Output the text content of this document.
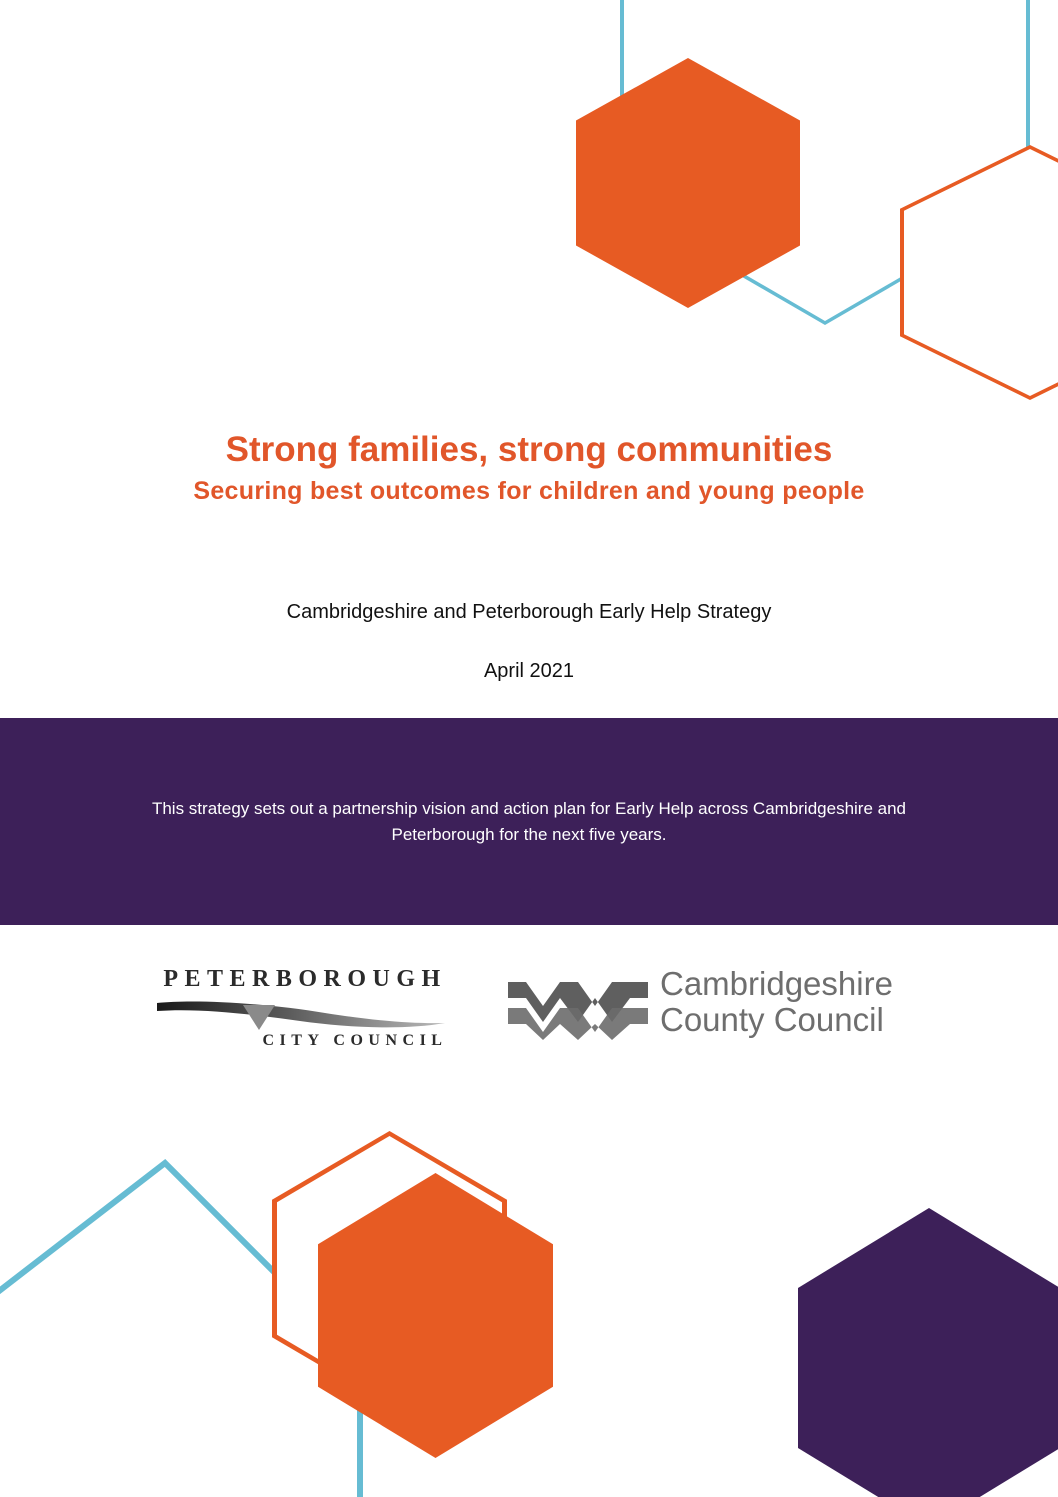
Strong families, strong communities
Securing best outcomes for children and young people

Cambridgeshire and Peterborough Early Help Strategy

April 2021

This strategy sets out a partnership vision and action plan for Early Help across Cambridgeshire and Peterborough for the next five years.
PETERBOROUGH
CITY COUNCIL
Cambridgeshire
County Council
